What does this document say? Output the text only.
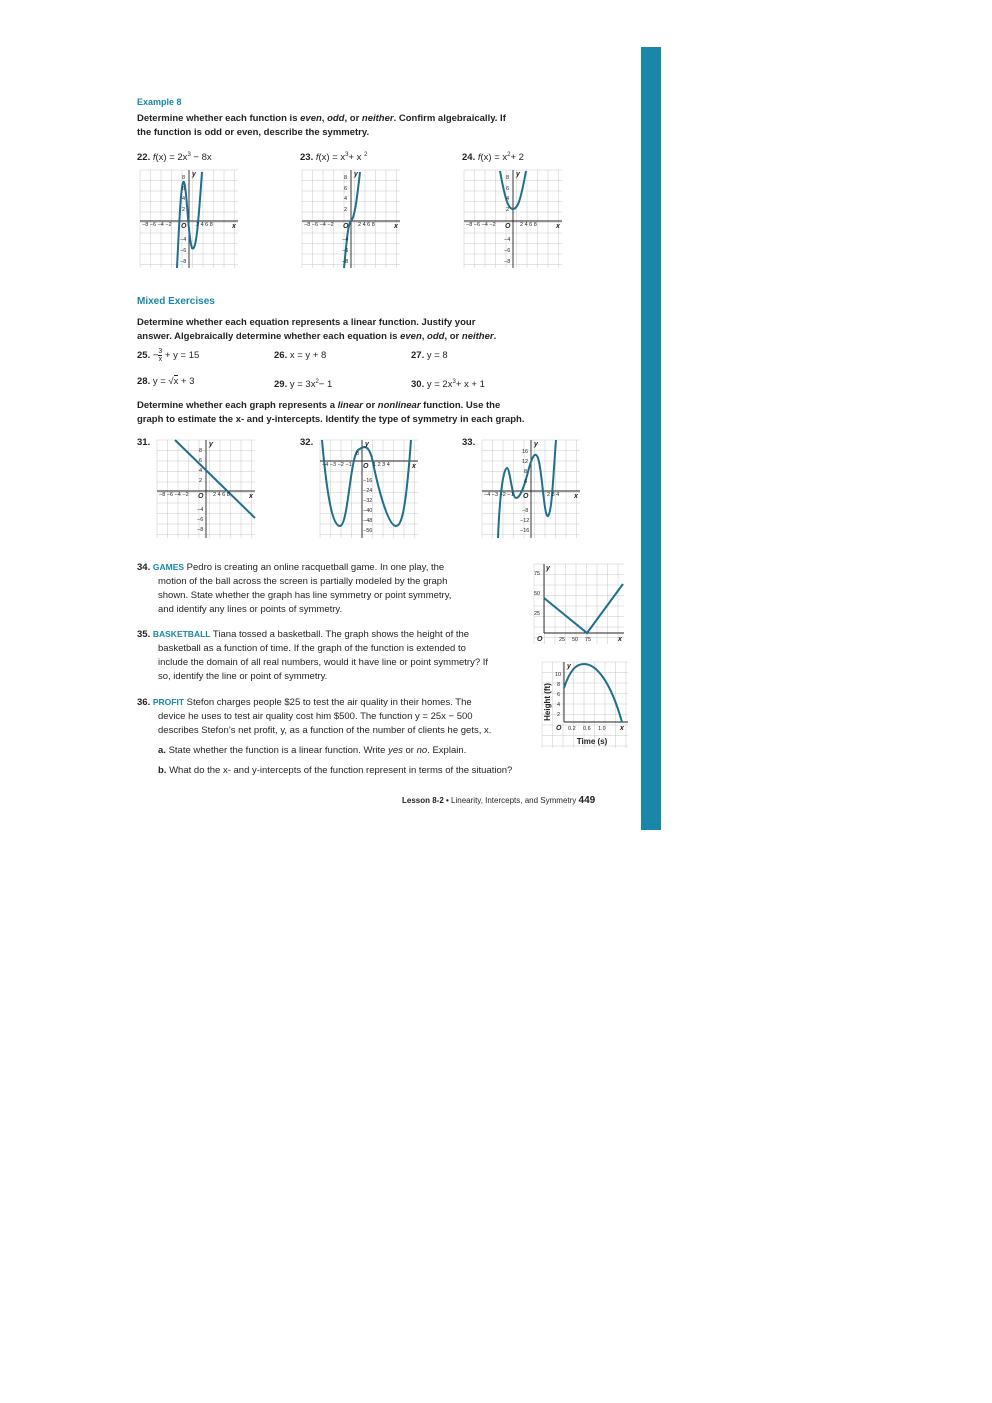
Example 8
Determine whether each function is even, odd, or neither. Confirm algebraically. If
the function is odd or even, describe the symmetry.
22. $f(x) = 2x^3 - 8x$	23. $f(x) = x^3+ x$ $^2$	24. $f(x) = x^2+ 2$
y
x
O
−8 −6 −4 −2	2 4 6 8
8
6
4
2
−4
−6
−8
y
x
O
−8 −6 −4 −2	2 4 6 8
8
6
4
2
−4
−6
−8
y
x
O
−8 −6 −4 −2	2 4 6 8
8
6
4
2
−4
−6
−8
Mixed Exercises
Determine whether each equation represents a linear function. Justify your
answer. Algebraically determine whether each equation is even, odd, or neither.
25. − $\frac{3}{x} + y = 15$	26. x = y + 8	27. y = 8
28. y = √x + 3	29. $y = 3x^2- 1$	30. $y = 2x^3+ x + 1$
Determine whether each graph represents a linear or nonlinear function. Use the
graph to estimate the x- and y-intercepts. Identify the type of symmetry in each graph.
31.	32.	33.
y
x
O
−8 −6 −4 −2	2 4 6 8
8
6
4
2
−4
−6
−8
y
x
O
−4 −3 −2 −1	1 2 3 4
8
−16
−24
−32
−40
−48
−56
y
x
O
−4 −3 −2 −1	2 3 4
16
12
8
4
−8
−12
−16
34. GAMES Pedro is creating an online racquetball game. In one play, the
motion of the ball across the screen is partially modeled by the graph
shown. State whether the graph has line symmetry or point symmetry,
and identify any lines or points of symmetry.
y
x
O
75
50
25
25 50 75
35. BASKETBALL Tiana tossed a basketball. The graph shows the height of the
basketball as a function of time. If the graph of the function is extended to
include the domain of all real numbers, would it have line or point symmetry? If
so, identify the line or point of symmetry.
y
x
O
10
8
6
4
2
0.2 0.6 1.0
Height (ft)
Time (s)
36. PROFIT Stefon charges people $25 to test the air quality in their homes. The
device he uses to test air quality cost him $500. The function y = 25x − 500
describes Stefon’s net profit, y, as a function of the number of clients he gets, x.
a. State whether the function is a linear function. Write yes or no. Explain.
b. What do the x- and y-intercepts of the function represent in terms of the situation?
Lesson 8-2 • Linearity, Intercepts, and Symmetry 449
